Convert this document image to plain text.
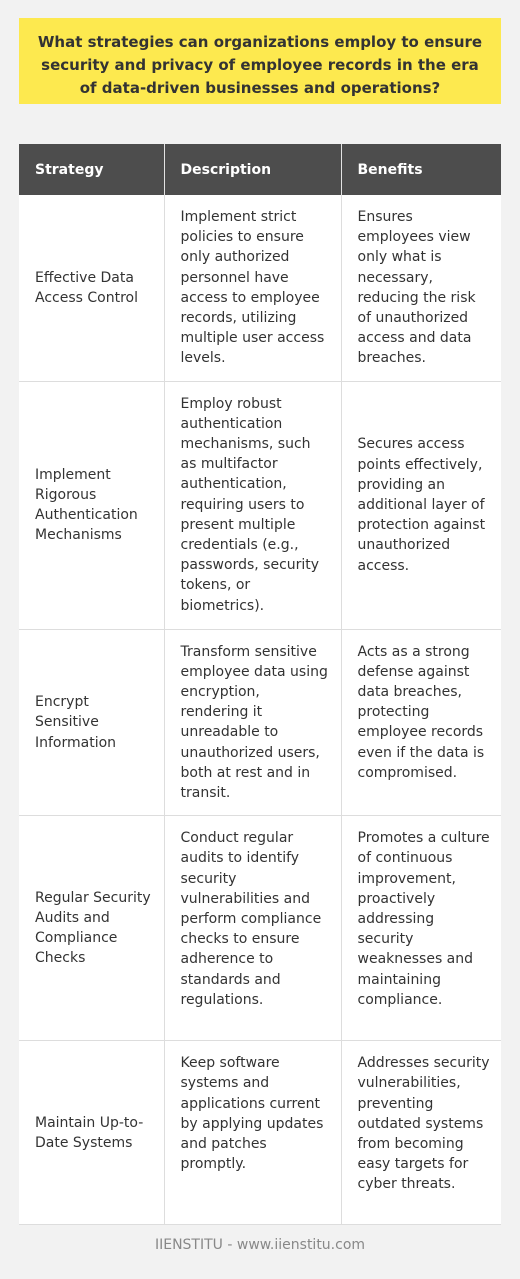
What strategies can organizations employ to ensure security and privacy of employee records in the era of data-driven businesses and operations?
Strategy	Description	Benefits
Effective Data Access Control	Implement strict policies to ensure only authorized personnel have access to employee records, utilizing multiple user access levels.	Ensures employees view only what is necessary, reducing the risk of unauthorized access and data breaches.
Implement Rigorous Authentication Mechanisms	Employ robust authentication mechanisms, such as multifactor authentication, requiring users to present multiple credentials (e.g., passwords, security tokens, or biometrics).	Secures access points effectively, providing an additional layer of protection against unauthorized access.
Encrypt Sensitive Information	Transform sensitive employee data using encryption, rendering it unreadable to unauthorized users, both at rest and in transit.	Acts as a strong defense against data breaches, protecting employee records even if the data is compromised.
Regular Security Audits and Compliance Checks	Conduct regular audits to identify security vulnerabilities and perform compliance checks to ensure adherence to standards and regulations.	Promotes a culture of continuous improvement, proactively addressing security weaknesses and maintaining compliance.
Maintain Up-to-Date Systems	Keep software systems and applications current by applying updates and patches promptly.	Addresses security vulnerabilities, preventing outdated systems from becoming easy targets for cyber threats.
IIENSTITU - www.iienstitu.com
